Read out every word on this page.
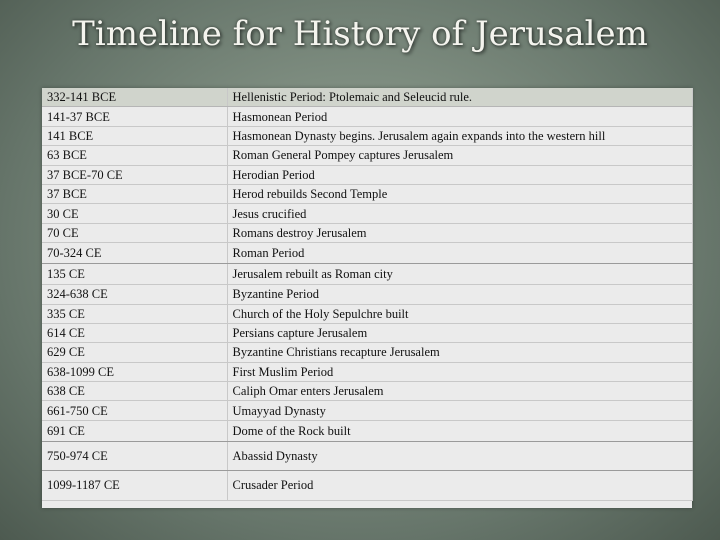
Timeline for History of Jerusalem
332-141 BCE	Hellenistic Period: Ptolemaic and Seleucid rule.
141-37 BCE	Hasmonean Period
141 BCE	Hasmonean Dynasty begins. Jerusalem again expands into the western hill
63 BCE	Roman General Pompey captures Jerusalem
37 BCE-70 CE	Herodian Period
37 BCE	Herod rebuilds Second Temple
30 CE	Jesus crucified
70 CE	Romans destroy Jerusalem
70-324 CE	Roman Period
135 CE	Jerusalem rebuilt as Roman city
324-638 CE	Byzantine Period
335 CE	Church of the Holy Sepulchre built
614 CE	Persians capture Jerusalem
629 CE	Byzantine Christians recapture Jerusalem
638-1099 CE	First Muslim Period
638 CE	Caliph Omar enters Jerusalem
661-750 CE	Umayyad Dynasty
691 CE	Dome of the Rock built
750-974 CE	Abassid Dynasty
1099-1187 CE	Crusader Period
